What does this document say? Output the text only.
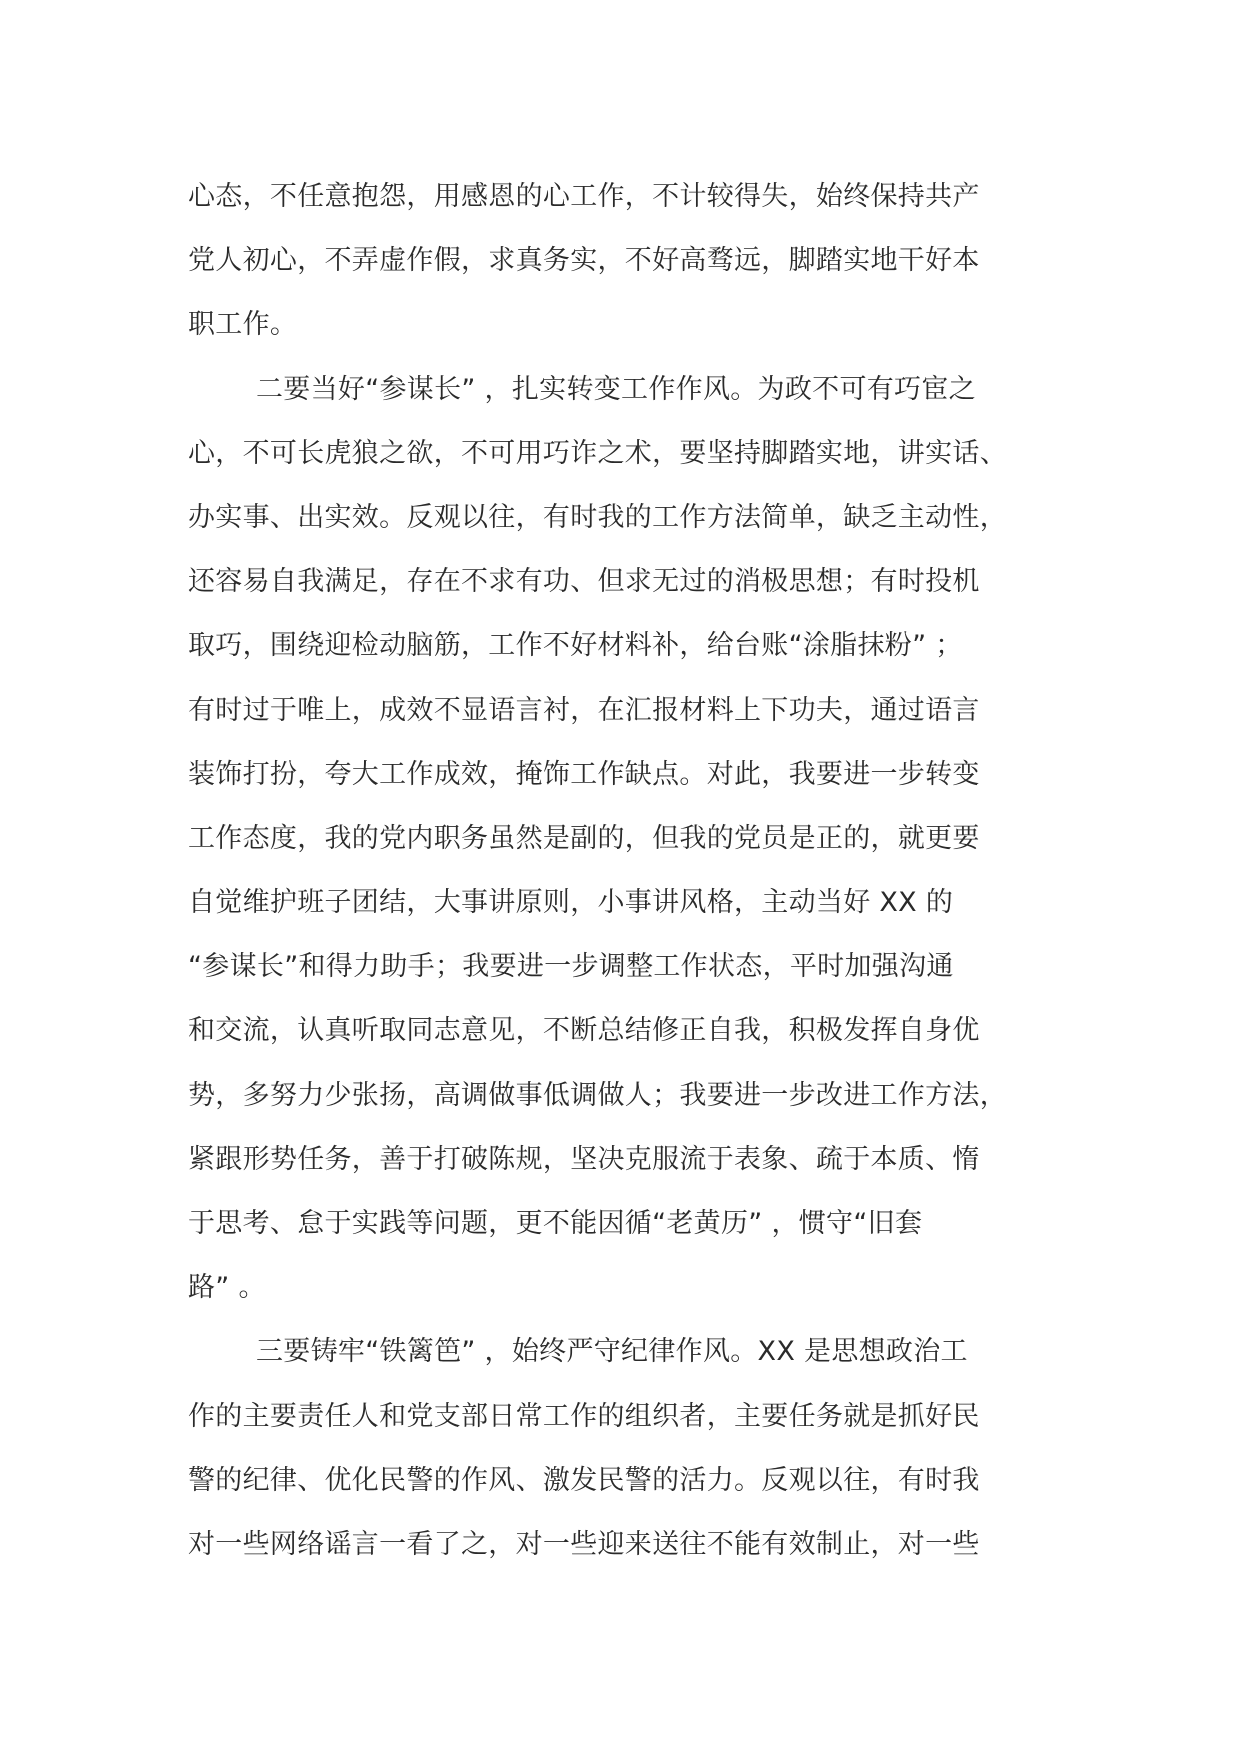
心态，不任意抱怨，用感恩的心工作，不计较得失，始终保持共产
党人初心，不弄虚作假，求真务实，不好高骛远，脚踏实地干好本
职工作。
二要当好“参谋长” ，扎实转变工作作风。为政不可有巧宦之
心，不可长虎狼之欲，不可用巧诈之术，要坚持脚踏实地，讲实话、
办实事、出实效。反观以往，有时我的工作方法简单，缺乏主动性，
还容易自我满足，存在不求有功、但求无过的消极思想；有时投机
取巧，围绕迎检动脑筋，工作不好材料补，给台账“涂脂抹粉” ；
有时过于唯上，成效不显语言衬，在汇报材料上下功夫，通过语言
装饰打扮，夸大工作成效，掩饰工作缺点。对此，我要进一步转变
工作态度，我的党内职务虽然是副的，但我的党员是正的，就更要
自觉维护班子团结，大事讲原则，小事讲风格，主动当好 XX 的
“参谋长”和得力助手；我要进一步调整工作状态，平时加强沟通
和交流，认真听取同志意见，不断总结修正自我，积极发挥自身优
势，多努力少张扬，高调做事低调做人；我要进一步改进工作方法，
紧跟形势任务，善于打破陈规，坚决克服流于表象、疏于本质、惰
于思考、怠于实践等问题，更不能因循“老黄历” ，惯守“旧套
路” 。
三要铸牢“铁篱笆” ，始终严守纪律作风。XX 是思想政治工
作的主要责任人和党支部日常工作的组织者，主要任务就是抓好民
警的纪律、优化民警的作风、激发民警的活力。反观以往，有时我
对一些网络谣言一看了之，对一些迎来送往不能有效制止，对一些
